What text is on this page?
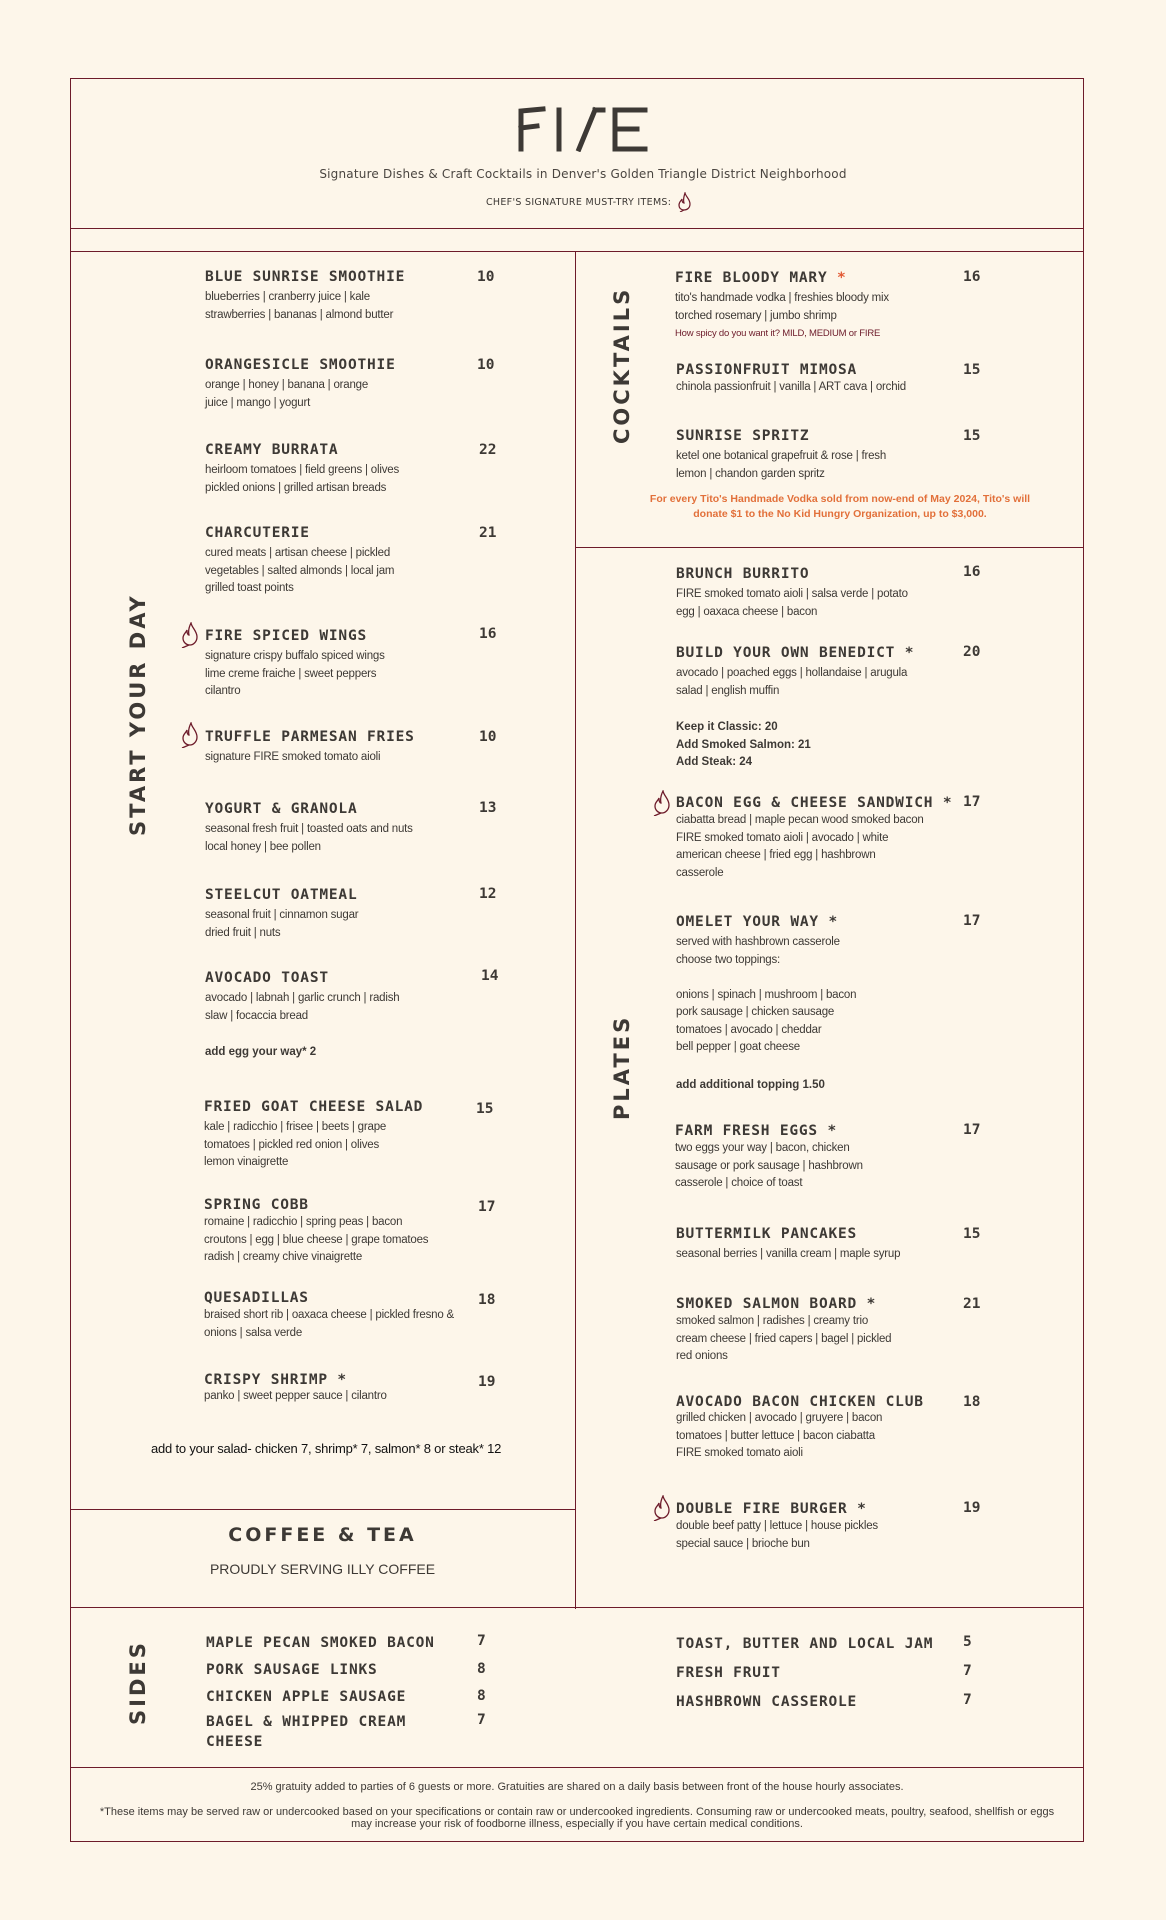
Signature Dishes & Craft Cocktails in Denver's Golden Triangle District Neighborhood
CHEF'S SIGNATURE MUST-TRY ITEMS:
START YOUR DAY
COCKTAILS
PLATES
SIDES
BLUE SUNRISE SMOOTHIE
blueberries | cranberry juice | kale
strawberries | bananas | almond butter
10
ORANGESICLE SMOOTHIE
orange | honey | banana | orange
juice | mango | yogurt
10
CREAMY BURRATA
heirloom tomatoes | field greens | olives
pickled onions | grilled artisan breads
22
CHARCUTERIE
cured meats | artisan cheese | pickled
vegetables | salted almonds | local jam
grilled toast points
21
FIRE SPICED WINGS
signature crispy buffalo spiced wings
lime creme fraiche | sweet peppers
cilantro
16
TRUFFLE PARMESAN FRIES
signature FIRE smoked tomato aioli
10
YOGURT & GRANOLA
seasonal fresh fruit | toasted oats and nuts
local honey | bee pollen
13
STEELCUT OATMEAL
seasonal fruit | cinnamon sugar
dried fruit | nuts
12
AVOCADO TOAST
avocado | labnah | garlic crunch | radish
slaw | focaccia bread
14
add egg your way* 2
FRIED GOAT CHEESE SALAD
kale | radicchio | frisee | beets | grape
tomatoes | pickled red onion | olives
lemon vinaigrette
15
SPRING COBB
romaine | radicchio | spring peas | bacon
croutons | egg | blue cheese | grape tomatoes
radish | creamy chive vinaigrette
17
QUESADILLAS
braised short rib | oaxaca cheese | pickled fresno &
onions | salsa verde
18
CRISPY SHRIMP *
panko | sweet pepper sauce | cilantro
19
add to your salad- chicken 7, shrimp* 7, salmon* 8 or steak* 12
COFFEE & TEA
PROUDLY SERVING ILLY COFFEE
FIRE BLOODY MARY *
tito's handmade vodka | freshies bloody mix
torched rosemary | jumbo shrimp
How spicy do you want it? MILD, MEDIUM or FIRE
16
PASSIONFRUIT MIMOSA
chinola passionfruit | vanilla | ART cava | orchid
15
SUNRISE SPRITZ
ketel one botanical grapefruit & rose | fresh
lemon | chandon garden spritz
15
For every Tito's Handmade Vodka sold from now-end of May 2024, Tito's will donate $1 to the No Kid Hungry Organization, up to $3,000.
BRUNCH BURRITO
FIRE smoked tomato aioli | salsa verde | potato
egg | oaxaca cheese | bacon
16
BUILD YOUR OWN BENEDICT *
avocado | poached eggs | hollandaise | arugula
salad | english muffin
20
Keep it Classic: 20
Add Smoked Salmon: 21
Add Steak: 24
BACON EGG & CHEESE SANDWICH *
ciabatta bread | maple pecan wood smoked bacon
FIRE smoked tomato aioli | avocado | white
american cheese | fried egg | hashbrown
casserole
17
OMELET YOUR WAY *
served with hashbrown casserole
choose two toppings:

onions | spinach | mushroom | bacon
pork sausage | chicken sausage
tomatoes | avocado | cheddar
bell pepper | goat cheese
17
add additional topping 1.50
FARM FRESH EGGS *
two eggs your way | bacon, chicken
sausage or pork sausage | hashbrown
casserole | choice of toast
17
BUTTERMILK PANCAKES
seasonal berries | vanilla cream | maple syrup
15
SMOKED SALMON BOARD *
smoked salmon | radishes | creamy trio
cream cheese | fried capers | bagel | pickled
red onions
21
AVOCADO BACON CHICKEN CLUB
grilled chicken | avocado | gruyere | bacon
tomatoes | butter lettuce | bacon ciabatta
FIRE smoked tomato aioli
18
DOUBLE FIRE BURGER *
double beef patty | lettuce | house pickles
special sauce | brioche bun
19
MAPLE PECAN SMOKED BACON	7
PORK SAUSAGE LINKS	8
CHICKEN APPLE SAUSAGE	8
BAGEL & WHIPPED CREAM
CHEESE
7
TOAST, BUTTER AND LOCAL JAM 5
FRESH FRUIT	7
HASHBROWN CASSEROLE	7
25% gratuity added to parties of 6 guests or more. Gratuities are shared on a daily basis between front of the house hourly associates.
*These items may be served raw or undercooked based on your specifications or contain raw or undercooked ingredients. Consuming raw or undercooked meats, poultry, seafood, shellfish or eggs may increase your risk of foodborne illness, especially if you have certain medical conditions.
